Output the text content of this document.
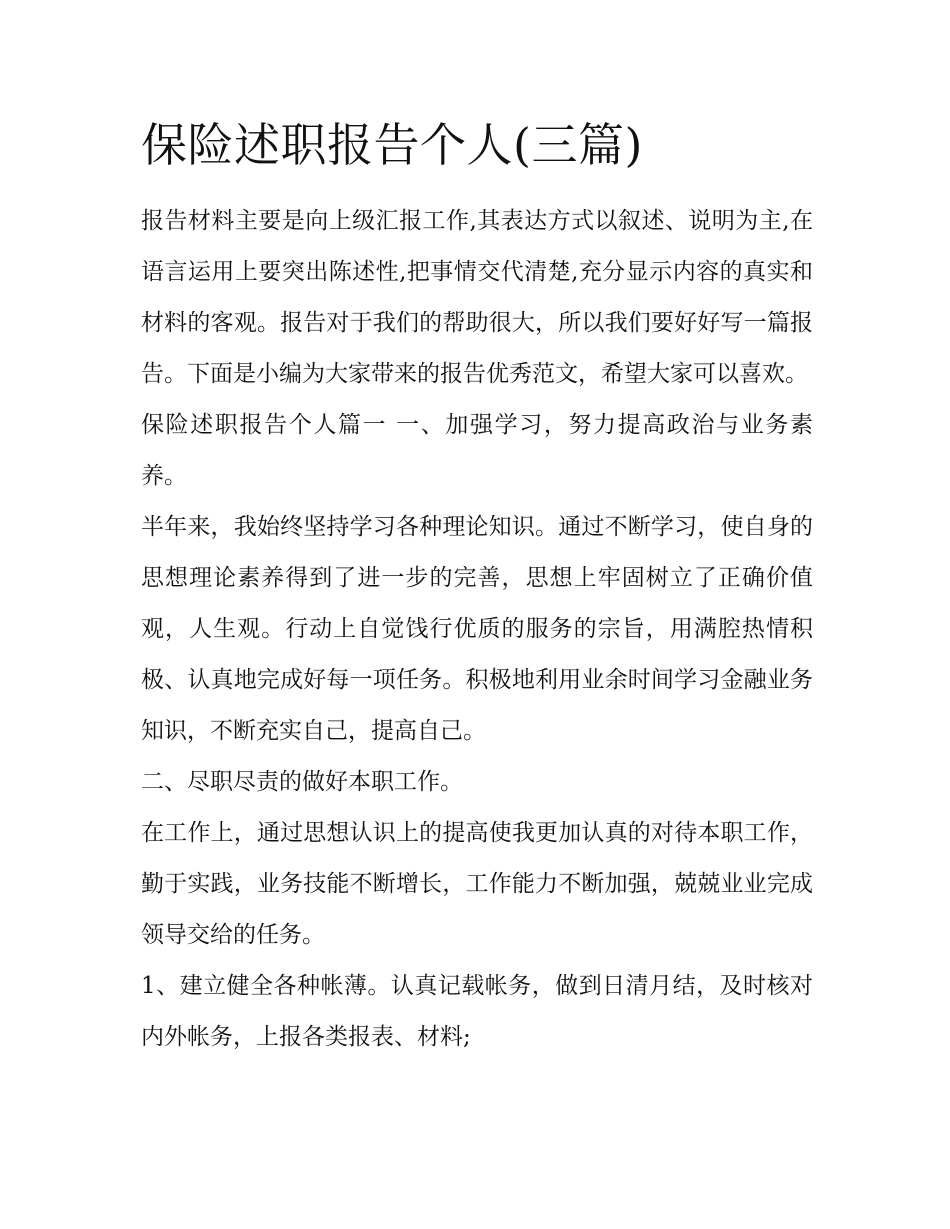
保险述职报告个人(三篇)

报告材料主要是向上级汇报工作,其表达方式以叙述、说明为主,在语言运用上要突出陈述性,把事情交代清楚,充分显示内容的真实和材料的客观。报告对于我们的帮助很大，所以我们要好好写一篇报告。下面是小编为大家带来的报告优秀范文，希望大家可以喜欢。

保险述职报告个人篇一 一、加强学习，努力提高政治与业务素养。

半年来，我始终坚持学习各种理论知识。通过不断学习，使自身的思想理论素养得到了进一步的完善，思想上牢固树立了正确价值观，人生观。行动上自觉饯行优质的服务的宗旨，用满腔热情积极、认真地完成好每一项任务。积极地利用业余时间学习金融业务知识，不断充实自己，提高自己。

二、尽职尽责的做好本职工作。

在工作上，通过思想认识上的提高使我更加认真的对待本职工作，勤于实践，业务技能不断增长，工作能力不断加强，兢兢业业完成领导交给的任务。

1、建立健全各种帐薄。认真记载帐务，做到日清月结，及时核对内外帐务，上报各类报表、材料;
